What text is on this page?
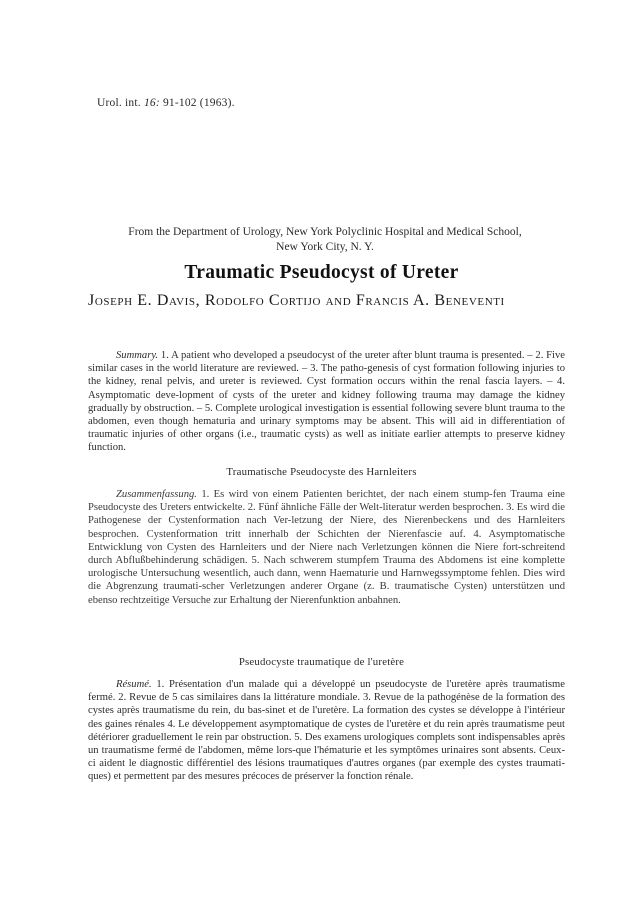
Urol. int. 16: 91-102 (1963).
From the Department of Urology, New York Polyclinic Hospital and Medical School,
New York City, N. Y.
Traumatic Pseudocyst of Ureter
Joseph E. Davis, Rodolfo Cortijo and Francis A. Beneventi

Summary. 1. A patient who developed a pseudocyst of the ureter after blunt trauma is presented. – 2. Five similar cases in the world literature are reviewed. – 3. The patho-genesis of cyst formation following injuries to the kidney, renal pelvis, and ureter is reviewed. Cyst formation occurs within the renal fascia layers. – 4. Asymptomatic deve-lopment of cysts of the ureter and kidney following trauma may damage the kidney gradually by obstruction. – 5. Complete urological investigation is essential following severe blunt trauma to the abdomen, even though hematuria and urinary symptoms may be absent. This will aid in differentiation of traumatic injuries of other organs (i.e., traumatic cysts) as well as initiate earlier attempts to preserve kidney function.

Traumatische Pseudocyste des Harnleiters

Zusammenfassung. 1. Es wird von einem Patienten berichtet, der nach einem stump-fen Trauma eine Pseudocyste des Ureters entwickelte. 2. Fünf ähnliche Fälle der Welt-literatur werden besprochen. 3. Es wird die Pathogenese der Cystenformation nach Ver-letzung der Niere, des Nierenbeckens und des Harnleiters besprochen. Cystenformation tritt innerhalb der Schichten der Nierenfascie auf. 4. Asymptomatische Entwicklung von Cysten des Harnleiters und der Niere nach Verletzungen können die Niere fort-schreitend durch Abflußbehinderung schädigen. 5. Nach schwerem stumpfem Trauma des Abdomens ist eine komplette urologische Untersuchung wesentlich, auch dann, wenn Haematurie und Harnwegssymptome fehlen. Dies wird die Abgrenzung traumati-scher Verletzungen anderer Organe (z. B. traumatische Cysten) unterstützen und ebenso rechtzeitige Versuche zur Erhaltung der Nierenfunktion anbahnen.

Pseudocyste traumatique de l'uretère

Résumé. 1. Présentation d'un malade qui a développé un pseudocyste de l'uretère après traumatisme fermé. 2. Revue de 5 cas similaires dans la littérature mondiale. 3. Revue de la pathogénèse de la formation des cystes après traumatisme du rein, du bas-sinet et de l'uretère. La formation des cystes se développe à l'intérieur des gaines rénales 4. Le développement asymptomatique de cystes de l'uretère et du rein après traumatisme peut détériorer graduellement le rein par obstruction. 5. Des examens urologiques complets sont indispensables après un traumatisme fermé de l'abdomen, même lors-que l'hématurie et les symptômes urinaires sont absents. Ceux-ci aident le diagnostic différentiel des lésions traumatiques d'autres organes (par exemple des cystes traumati-ques) et permettent par des mesures précoces de préserver la fonction rénale.
